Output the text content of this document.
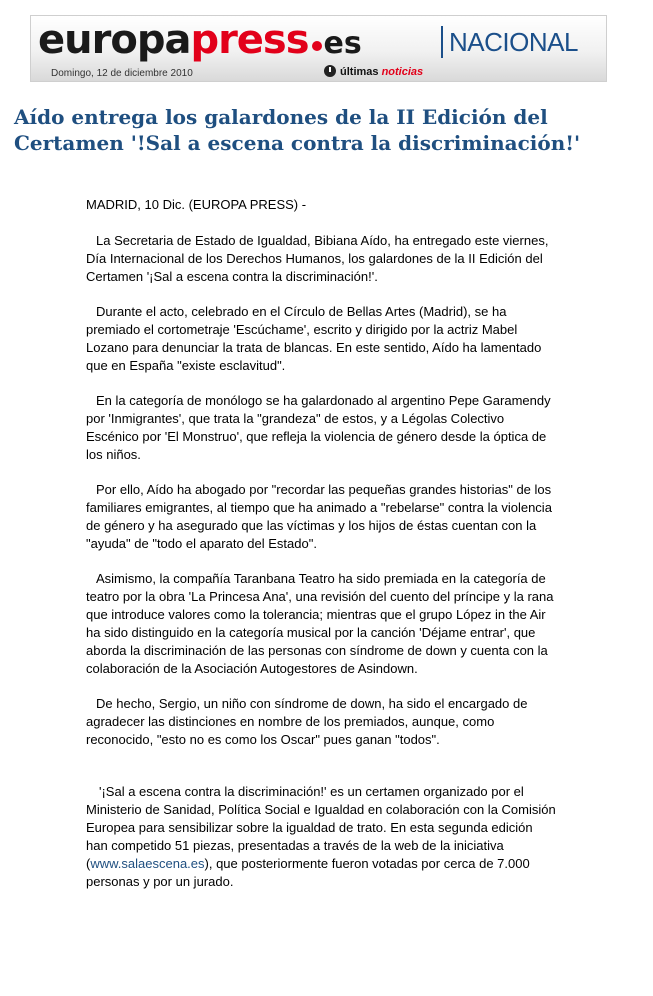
europapress es	NACIONAL
Domingo, 12 de diciembre 2010	últimas noticias
Aído entrega los galardones de la II Edición del Certamen '!Sal a escena contra la discriminación!'

MADRID, 10 Dic. (EUROPA PRESS) -

La Secretaria de Estado de Igualdad, Bibiana Aído, ha entregado este viernes, Día Internacional de los Derechos Humanos, los galardones de la II Edición del Certamen '¡Sal a escena contra la discriminación!'.

Durante el acto, celebrado en el Círculo de Bellas Artes (Madrid), se ha premiado el cortometraje 'Escúchame', escrito y dirigido por la actriz Mabel Lozano para denunciar la trata de blancas. En este sentido, Aído ha lamentado que en España "existe esclavitud".

En la categoría de monólogo se ha galardonado al argentino Pepe Garamendy por 'Inmigrantes', que trata la "grandeza" de estos, y a Légolas Colectivo Escénico por 'El Monstruo', que refleja la violencia de género desde la óptica de los niños.

Por ello, Aído ha abogado por "recordar las pequeñas grandes historias" de los familiares emigrantes, al tiempo que ha animado a "rebelarse" contra la violencia de género y ha asegurado que las víctimas y los hijos de éstas cuentan con la "ayuda" de "todo el aparato del Estado".

Asimismo, la compañía Taranbana Teatro ha sido premiada en la categoría de teatro por la obra 'La Princesa Ana', una revisión del cuento del príncipe y la rana que introduce valores como la tolerancia; mientras que el grupo López in the Air ha sido distinguido en la categoría musical por la canción 'Déjame entrar', que aborda la discriminación de las personas con síndrome de down y cuenta con la colaboración de la Asociación Autogestores de Asindown.

De hecho, Sergio, un niño con síndrome de down, ha sido el encargado de agradecer las distinciones en nombre de los premiados, aunque, como reconocido, "esto no es como los Oscar" pues ganan "todos".

'¡Sal a escena contra la discriminación!' es un certamen organizado por el Ministerio de Sanidad, Política Social e Igualdad en colaboración con la Comisión Europea para sensibilizar sobre la igualdad de trato. En esta segunda edición han competido 51 piezas, presentadas a través de la web de la iniciativa (www.salaescena.es), que posteriormente fueron votadas por cerca de 7.000 personas y por un jurado.
